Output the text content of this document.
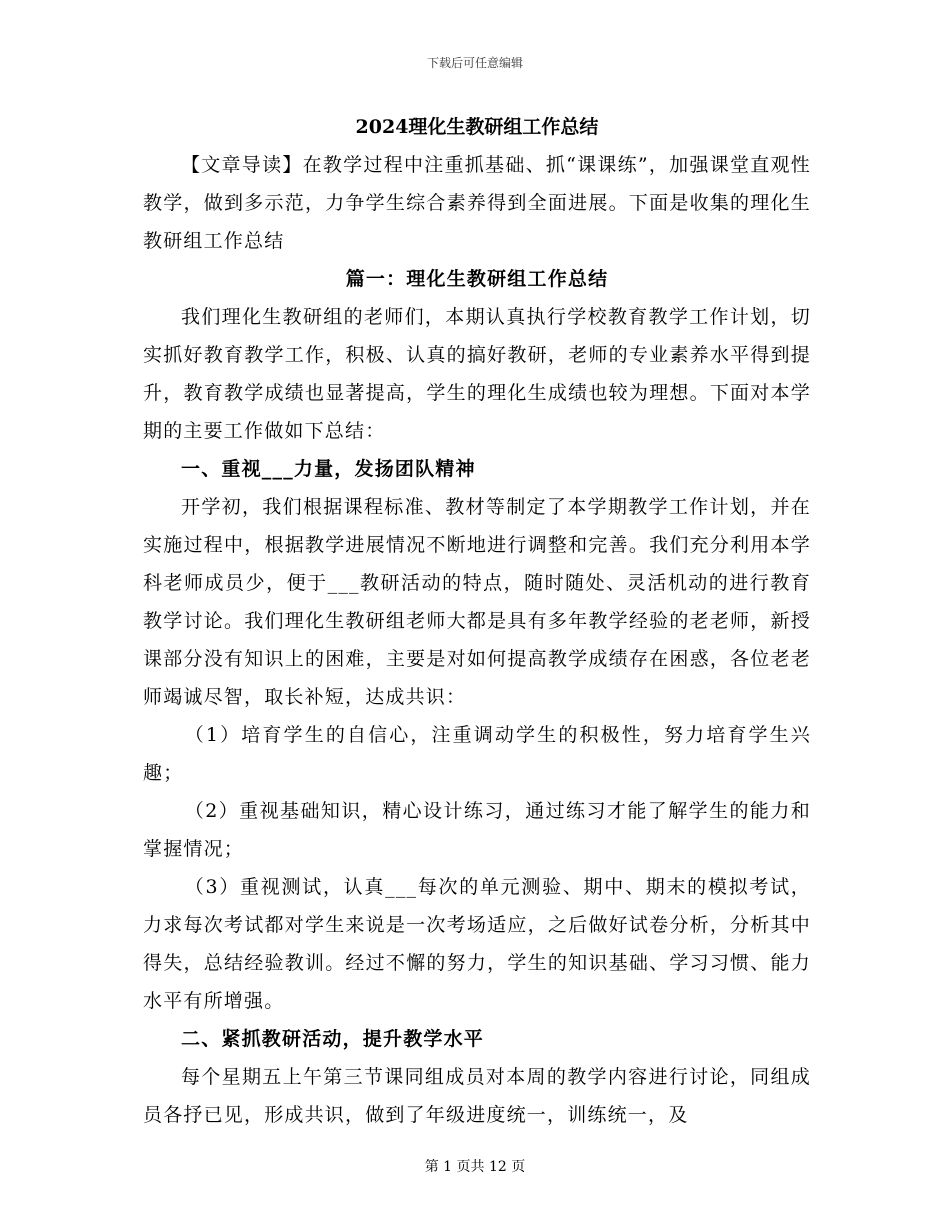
下载后可任意编辑
2024理化生教研组工作总结

【文章导读】在教学过程中注重抓基础、抓“课课练”，加强课堂直观性教学，做到多示范，力争学生综合素养得到全面进展。下面是收集的理化生教研组工作总结

篇一：理化生教研组工作总结

我们理化生教研组的老师们，本期认真执行学校教育教学工作计划，切实抓好教育教学工作，积极、认真的搞好教研，老师的专业素养水平得到提升，教育教学成绩也显著提高，学生的理化生成绩也较为理想。下面对本学期的主要工作做如下总结：

一、重视___力量，发扬团队精神

开学初，我们根据课程标准、教材等制定了本学期教学工作计划，并在实施过程中，根据教学进展情况不断地进行调整和完善。我们充分利用本学科老师成员少，便于___教研活动的特点，随时随处、灵活机动的进行教育教学讨论。我们理化生教研组老师大都是具有多年教学经验的老老师，新授课部分没有知识上的困难，主要是对如何提高教学成绩存在困惑，各位老老师竭诚尽智，取长补短，达成共识：

（1）培育学生的自信心，注重调动学生的积极性，努力培育学生兴趣；

（2）重视基础知识，精心设计练习，通过练习才能了解学生的能力和掌握情况；

（3）重视测试，认真___每次的单元测验、期中、期末的模拟考试，力求每次考试都对学生来说是一次考场适应，之后做好试卷分析，分析其中得失，总结经验教训。经过不懈的努力，学生的知识基础、学习习惯、能力水平有所增强。

二、紧抓教研活动，提升教学水平

每个星期五上午第三节课同组成员对本周的教学内容进行讨论，同组成员各抒已见，形成共识，做到了年级进度统一，训练统一，及

第 1 页共 12 页
